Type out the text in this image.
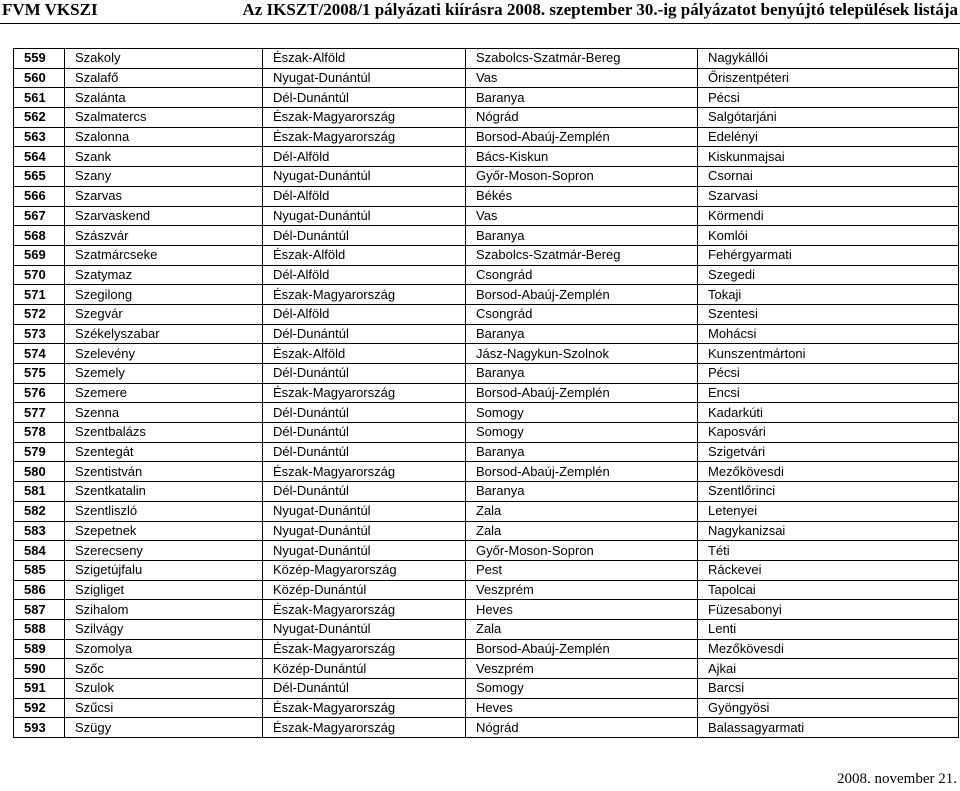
FVM VKSZI	Az IKSZT/2008/1 pályázati kiírásra 2008. szeptember 30.-ig pályázatot benyújtó települések listája
559	Szakoly	Észak-Alföld	Szabolcs-Szatmár-Bereg	Nagykállói
560	Szalafő	Nyugat-Dunántúl	Vas	Őriszentpéteri
561	Szalánta	Dél-Dunántúl	Baranya	Pécsi
562	Szalmatercs	Észak-Magyarország	Nógrád	Salgótarjáni
563	Szalonna	Észak-Magyarország	Borsod-Abaúj-Zemplén	Edelényi
564	Szank	Dél-Alföld	Bács-Kiskun	Kiskunmajsai
565	Szany	Nyugat-Dunántúl	Győr-Moson-Sopron	Csornai
566	Szarvas	Dél-Alföld	Békés	Szarvasi
567	Szarvaskend	Nyugat-Dunántúl	Vas	Körmendi
568	Szászvár	Dél-Dunántúl	Baranya	Komlói
569	Szatmárcseke	Észak-Alföld	Szabolcs-Szatmár-Bereg	Fehérgyarmati
570	Szatymaz	Dél-Alföld	Csongrád	Szegedi
571	Szegilong	Észak-Magyarország	Borsod-Abaúj-Zemplén	Tokaji
572	Szegvár	Dél-Alföld	Csongrád	Szentesi
573	Székelyszabar	Dél-Dunántúl	Baranya	Mohácsi
574	Szelevény	Észak-Alföld	Jász-Nagykun-Szolnok	Kunszentmártoni
575	Szemely	Dél-Dunántúl	Baranya	Pécsi
576	Szemere	Észak-Magyarország	Borsod-Abaúj-Zemplén	Encsi
577	Szenna	Dél-Dunántúl	Somogy	Kadarkúti
578	Szentbalázs	Dél-Dunántúl	Somogy	Kaposvári
579	Szentegát	Dél-Dunántúl	Baranya	Szigetvári
580	Szentistván	Észak-Magyarország	Borsod-Abaúj-Zemplén	Mezőkövesdi
581	Szentkatalin	Dél-Dunántúl	Baranya	Szentlőrinci
582	Szentliszló	Nyugat-Dunántúl	Zala	Letenyei
583	Szepetnek	Nyugat-Dunántúl	Zala	Nagykanizsai
584	Szerecseny	Nyugat-Dunántúl	Győr-Moson-Sopron	Téti
585	Szigetújfalu	Közép-Magyarország	Pest	Ráckevei
586	Szigliget	Közép-Dunántúl	Veszprém	Tapolcai
587	Szihalom	Észak-Magyarország	Heves	Füzesabonyi
588	Szilvágy	Nyugat-Dunántúl	Zala	Lenti
589	Szomolya	Észak-Magyarország	Borsod-Abaúj-Zemplén	Mezőkövesdi
590	Szőc	Közép-Dunántúl	Veszprém	Ajkai
591	Szulok	Dél-Dunántúl	Somogy	Barcsi
592	Szűcsi	Észak-Magyarország	Heves	Gyöngyösi
593	Szügy	Észak-Magyarország	Nógrád	Balassagyarmati
2008. november 21.
